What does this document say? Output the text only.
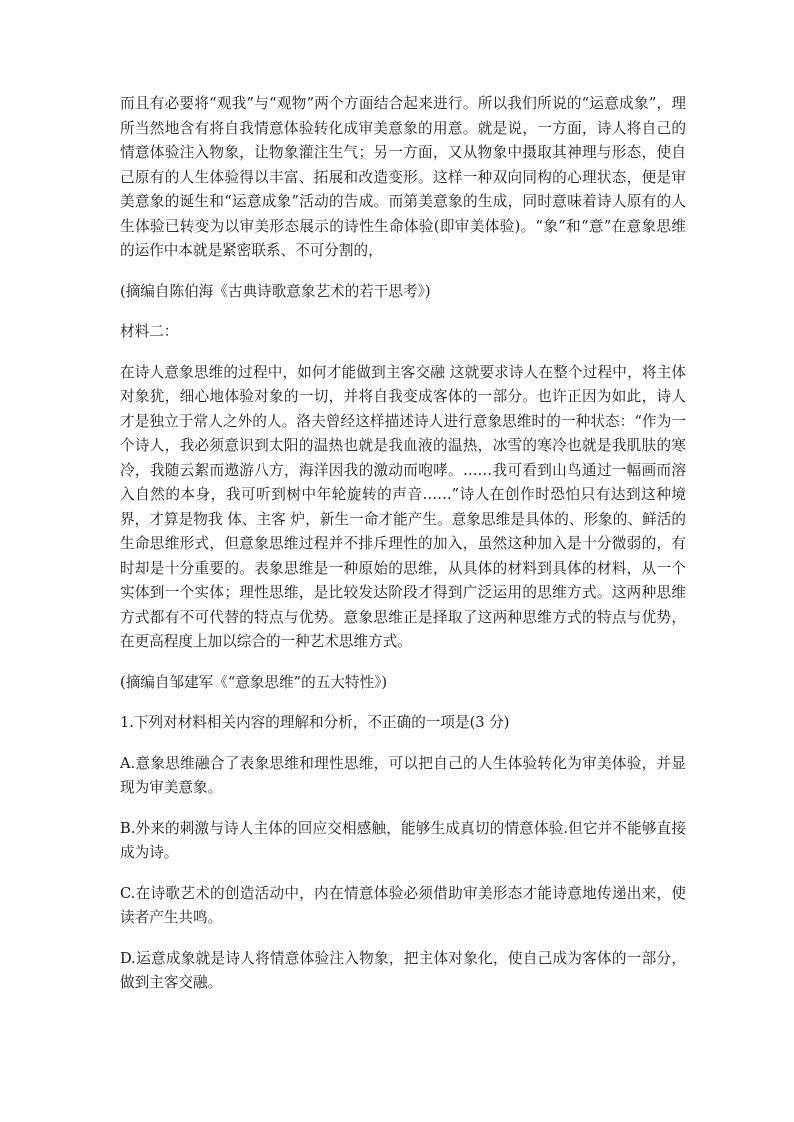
而且有必要将“观我”与“观物”两个方面结合起来进行。所以我们所说的“运意成象”，理所当然地含有将自我情意体验转化成审美意象的用意。就是说，一方面，诗人将自己的情意体验注入物象，让物象灌注生气；另一方面，又从物象中摄取其神理与形态，使自己原有的人生体验得以丰富、拓展和改造变形。这样一种双向同构的心理状态，便是审美意象的诞生和“运意成象”活动的告成。而第美意象的生成，同时意味着诗人原有的人生体验已转变为以审美形态展示的诗性生命体验(即审美体验)。“象”和“意”在意象思维的运作中本就是紧密联系、不可分割的，

(摘编自陈伯海《古典诗歌意象艺术的若干思考》)

材料二：

在诗人意象思维的过程中，如何才能做到主客交融 这就要求诗人在整个过程中，将主体对象犹，细心地体验对象的一切，并将自我变成客体的一部分。也许正因为如此，诗人才是独立于常人之外的人。洛夫曾经这样描述诗人进行意象思维时的一种状态：“作为一个诗人，我必须意识到太阳的温热也就是我血液的温热，冰雪的寒冷也就是我肌肤的寒冷，我随云絮而遨游八方，海洋因我的激动而咆哮。……我可看到山鸟通过一幅画而溶入自然的本身，我可听到树中年轮旋转的声音……”诗人在创作时恐怕只有达到这种境界，才算是物我 体、主客 炉，新生一命才能产生。意象思维是具体的、形象的、鲜活的生命思维形式，但意象思维过程并不排斥理性的加入，虽然这种加入是十分微弱的，有时却是十分重要的。表象思维是一种原始的思维，从具体的材料到具体的材料，从一个实体到一个实体；理性思维，是比较发达阶段才得到广泛运用的思维方式。这两种思维方式都有不可代替的特点与优势。意象思维正是择取了这两种思维方式的特点与优势，在更高程度上加以综合的一种艺术思维方式。

(摘编自邹建军《“意象思维”的五大特性》)

1.下列对材料相关内容的理解和分析，不正确的一项是(3 分)

A.意象思维融合了表象思维和理性思维，可以把自己的人生体验转化为审美体验，并显现为审美意象。

B.外来的刺激与诗人主体的回应交相感触，能够生成真切的情意体验.但它并不能够直接成为诗。

C.在诗歌艺术的创造活动中，内在情意体验必须借助审美形态才能诗意地传递出来，使读者产生共鸣。

D.运意成象就是诗人将情意体验注入物象，把主体对象化，使自己成为客体的一部分，做到主客交融。
